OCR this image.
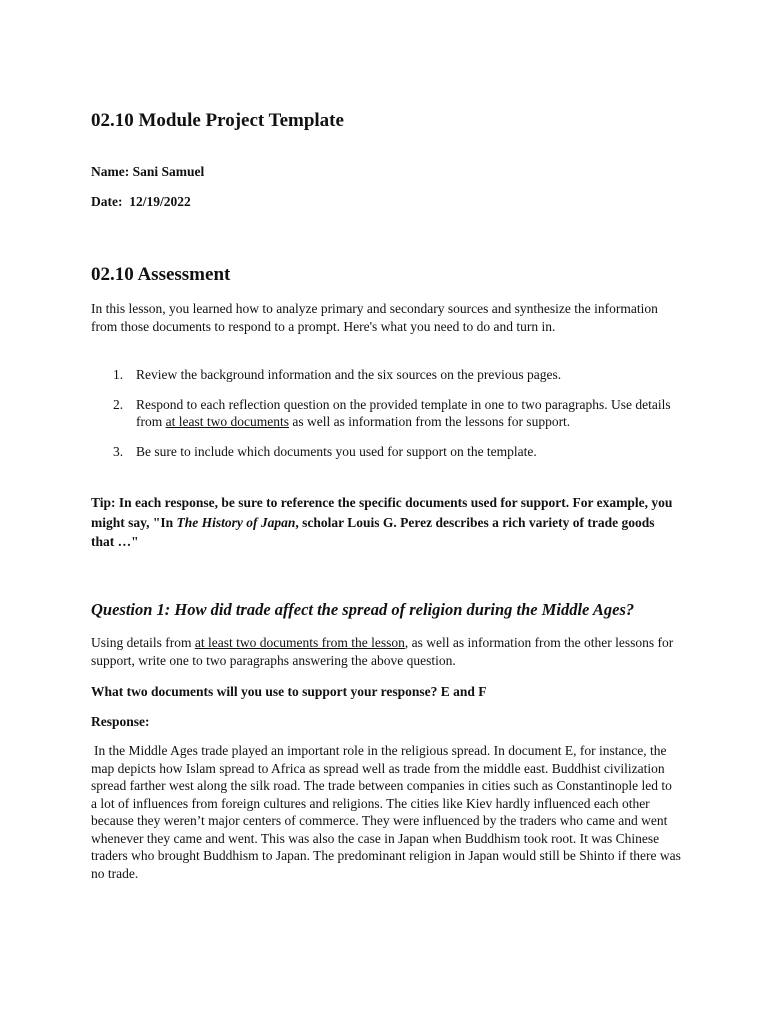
02.10 Module Project Template
Name: Sani Samuel
Date: 12/19/2022
02.10 Assessment

In this lesson, you learned how to analyze primary and secondary sources and synthesize the information from those documents to respond to a prompt. Here's what you need to do and turn in.

1. Review the background information and the six sources on the previous pages.
2. Respond to each reflection question on the provided template in one to two paragraphs. Use details from at least two documents as well as information from the lessons for support.
3. Be sure to include which documents you used for support on the template.

Tip: In each response, be sure to reference the specific documents used for support. For example, you might say, "In The History of Japan, scholar Louis G. Perez describes a rich variety of trade goods that …"

Question 1: How did trade affect the spread of religion during the Middle Ages?

Using details from at least two documents from the lesson, as well as information from the other lessons for support, write one to two paragraphs answering the above question.

What two documents will you use to support your response? E and F
Response:

In the Middle Ages trade played an important role in the religious spread. In document E, for instance, the map depicts how Islam spread to Africa as spread well as trade from the middle east. Buddhist civilization spread farther west along the silk road. The trade between companies in cities such as Constantinople led to a lot of influences from foreign cultures and religions. The cities like Kiev hardly influenced each other because they weren’t major centers of commerce. They were influenced by the traders who came and went whenever they came and went. This was also the case in Japan when Buddhism took root. It was Chinese traders who brought Buddhism to Japan. The predominant religion in Japan would still be Shinto if there was no trade.
